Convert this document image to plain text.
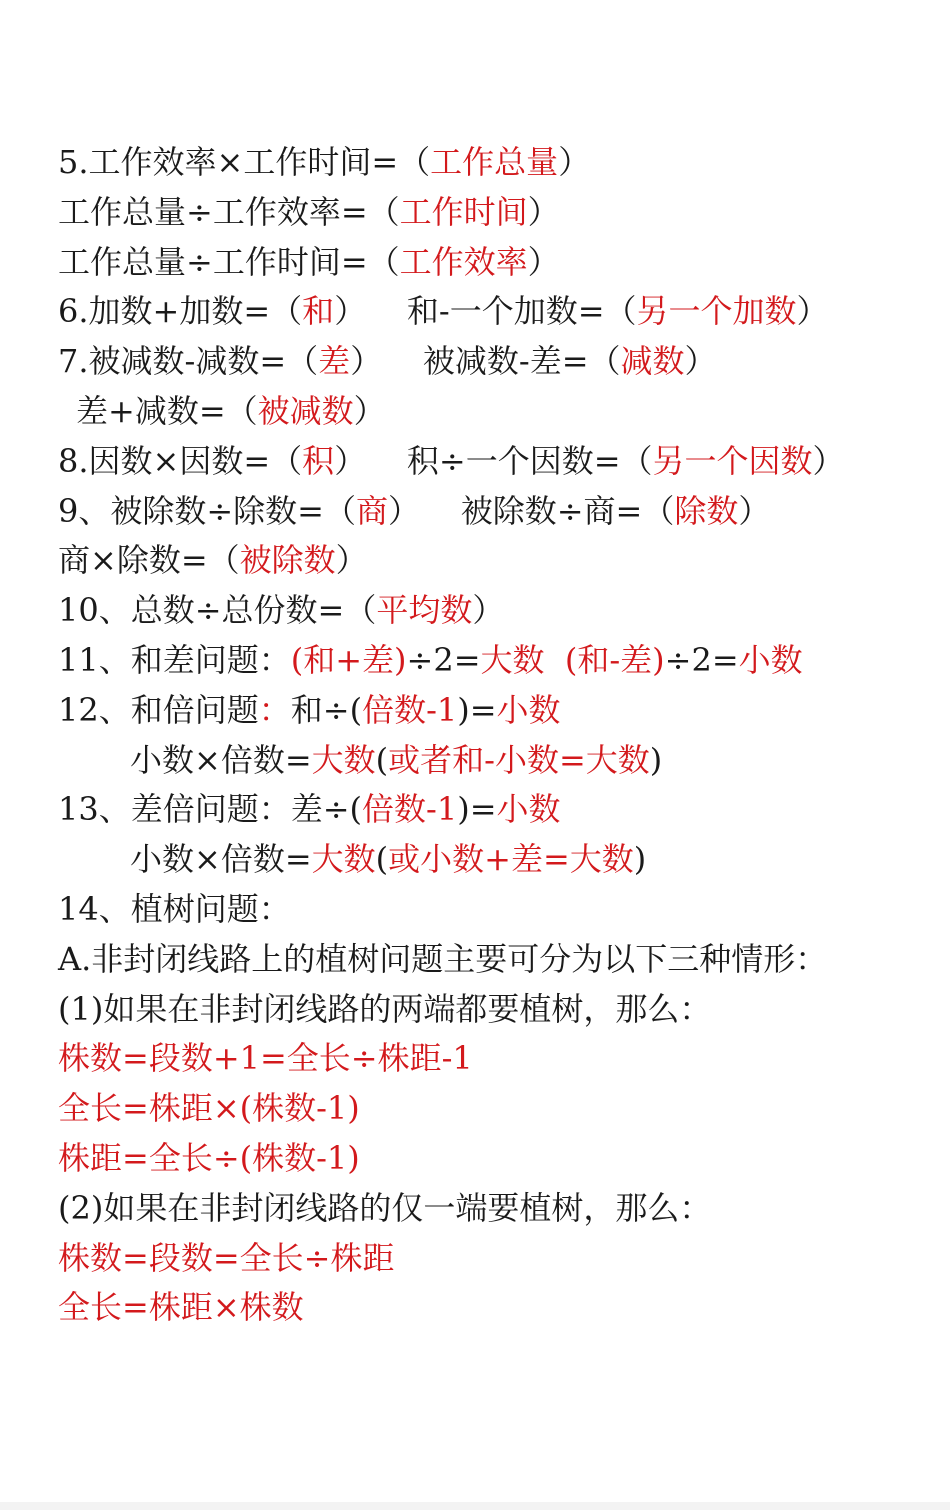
5.工作效率×工作时间=（工作总量）
工作总量÷工作效率=（工作时间）
工作总量÷工作时间=（工作效率）
6.加数+加数=（和）    和-一个加数=（另一个加数）
7.被减数-减数=（差）    被减数-差=（减数）
差+减数=（被减数）
8.因数×因数=（积）    积÷一个因数=（另一个因数）
9、被除数÷除数=（商）    被除数÷商=（除数）
商×除数=（被除数）
10、总数÷总份数=（平均数）
11、和差问题：(和+差)÷2=大数 (和-差)÷2=小数
12、和倍问题：和÷(倍数-1)=小数
小数×倍数=大数(或者和-小数=大数)
13、差倍问题：差÷(倍数-1)=小数
小数×倍数=大数(或小数+差=大数)
14、植树问题：
A.非封闭线路上的植树问题主要可分为以下三种情形：
(1)如果在非封闭线路的两端都要植树，那么：
株数=段数+1=全长÷株距-1
全长=株距×(株数-1)
株距=全长÷(株数-1)
(2)如果在非封闭线路的仅一端要植树，那么：
株数=段数=全长÷株距
全长=株距×株数
